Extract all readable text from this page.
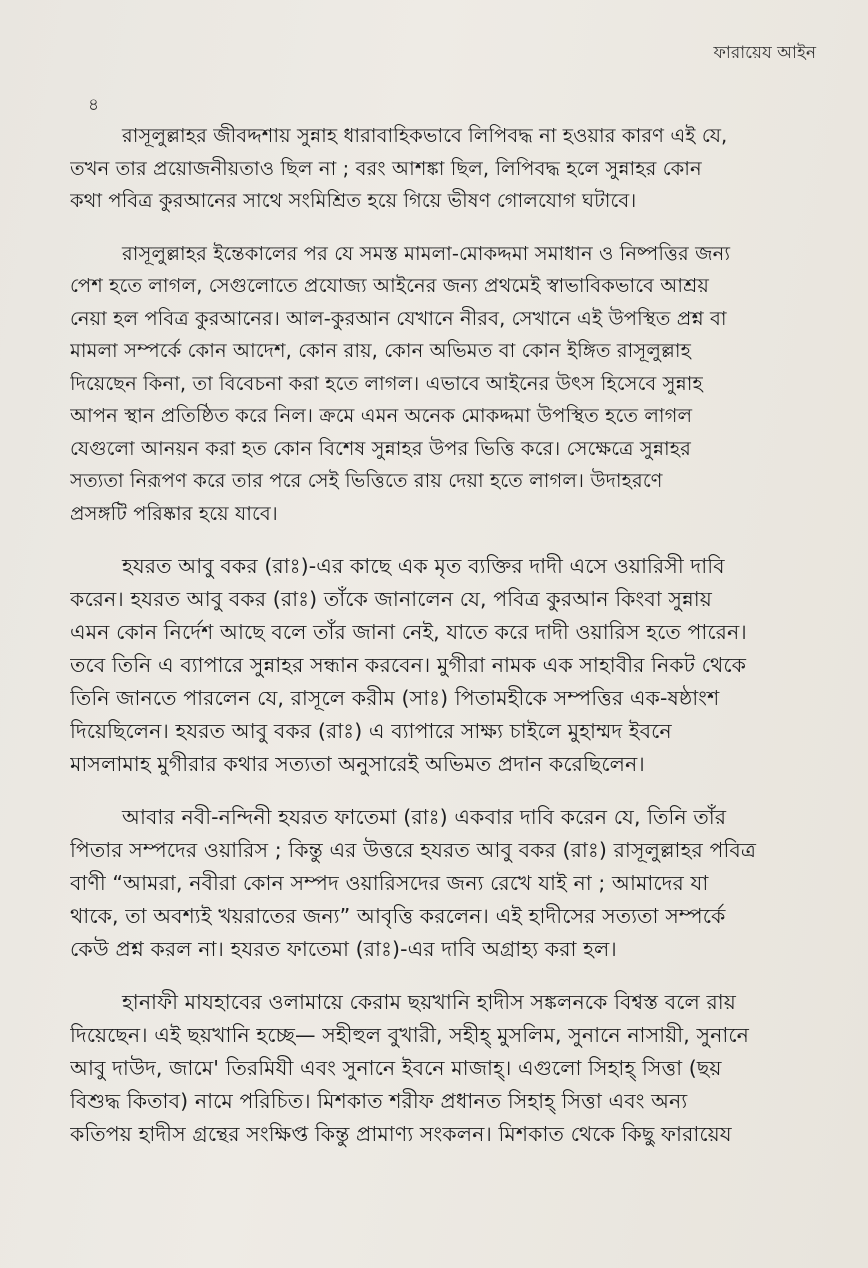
ফারায়েয আইন
৪

রাসূলুল্লাহর জীবদ্দশায় সুন্নাহ ধারাবাহিকভাবে লিপিবদ্ধ না হওয়ার কারণ এই যে,
তখন তার প্রয়োজনীয়তাও ছিল না ; বরং আশঙ্কা ছিল, লিপিবদ্ধ হলে সুন্নাহর কোন
কথা পবিত্র কুরআনের সাথে সংমিশ্রিত হয়ে গিয়ে ভীষণ গোলযোগ ঘটাবে।

রাসূলুল্লাহর ইন্তেকালের পর যে সমস্ত মামলা-মোকদ্দমা সমাধান ও নিষ্পত্তির জন্য
পেশ হতে লাগল, সেগুলোতে প্রযোজ্য আইনের জন্য প্রথমেই স্বাভাবিকভাবে আশ্রয়
নেয়া হল পবিত্র কুরআনের। আল-কুরআন যেখানে নীরব, সেখানে এই উপস্থিত প্রশ্ন বা
মামলা সম্পর্কে কোন আদেশ, কোন রায়, কোন অভিমত বা কোন ইঙ্গিত রাসূলুল্লাহ
দিয়েছেন কিনা, তা বিবেচনা করা হতে লাগল। এভাবে আইনের উৎস হিসেবে সুন্নাহ
আপন স্থান প্রতিষ্ঠিত করে নিল। ক্রমে এমন অনেক মোকদ্দমা উপস্থিত হতে লাগল
যেগুলো আনয়ন করা হত কোন বিশেষ সুন্নাহর উপর ভিত্তি করে। সেক্ষেত্রে সুন্নাহর
সত্যতা নিরূপণ করে তার পরে সেই ভিত্তিতে রায় দেয়া হতে লাগল। উদাহরণে
প্রসঙ্গটি পরিষ্কার হয়ে যাবে।

হযরত আবু বকর (রাঃ)-এর কাছে এক মৃত ব্যক্তির দাদী এসে ওয়ারিসী দাবি
করেন। হযরত আবু বকর (রাঃ) তাঁকে জানালেন যে, পবিত্র কুরআন কিংবা সুন্নায়
এমন কোন নির্দেশ আছে বলে তাঁর জানা নেই, যাতে করে দাদী ওয়ারিস হতে পারেন।
তবে তিনি এ ব্যাপারে সুন্নাহর সন্ধান করবেন। মুগীরা নামক এক সাহাবীর নিকট থেকে
তিনি জানতে পারলেন যে, রাসূলে করীম (সাঃ) পিতামহীকে সম্পত্তির এক-ষষ্ঠাংশ
দিয়েছিলেন। হযরত আবু বকর (রাঃ) এ ব্যাপারে সাক্ষ্য চাইলে মুহাম্মদ ইবনে
মাসলামাহ মুগীরার কথার সত্যতা অনুসারেই অভিমত প্রদান করেছিলেন।

আবার নবী-নন্দিনী হযরত ফাতেমা (রাঃ) একবার দাবি করেন যে, তিনি তাঁর
পিতার সম্পদের ওয়ারিস ; কিন্তু এর উত্তরে হযরত আবু বকর (রাঃ) রাসূলুল্লাহর পবিত্র
বাণী “আমরা, নবীরা কোন সম্পদ ওয়ারিসদের জন্য রেখে যাই না ; আমাদের যা
থাকে, তা অবশ্যই খয়রাতের জন্য” আবৃত্তি করলেন। এই হাদীসের সত্যতা সম্পর্কে
কেউ প্রশ্ন করল না। হযরত ফাতেমা (রাঃ)-এর দাবি অগ্রাহ্য করা হল।

হানাফী মাযহাবের ওলামায়ে কেরাম ছয়খানি হাদীস সঙ্কলনকে বিশ্বস্ত বলে রায়
দিয়েছেন। এই ছয়খানি হচ্ছে— সহীহুল বুখারী, সহীহ্ মুসলিম, সুনানে নাসায়ী, সুনানে
আবু দাউদ, জামে' তিরমিযী এবং সুনানে ইবনে মাজাহ্। এগুলো সিহাহ্ সিত্তা (ছয়
বিশুদ্ধ কিতাব) নামে পরিচিত। মিশকাত শরীফ প্রধানত সিহাহ্ সিত্তা এবং অন্য
কতিপয় হাদীস গ্রন্থের সংক্ষিপ্ত কিন্তু প্রামাণ্য সংকলন। মিশকাত থেকে কিছু ফারায়েয
